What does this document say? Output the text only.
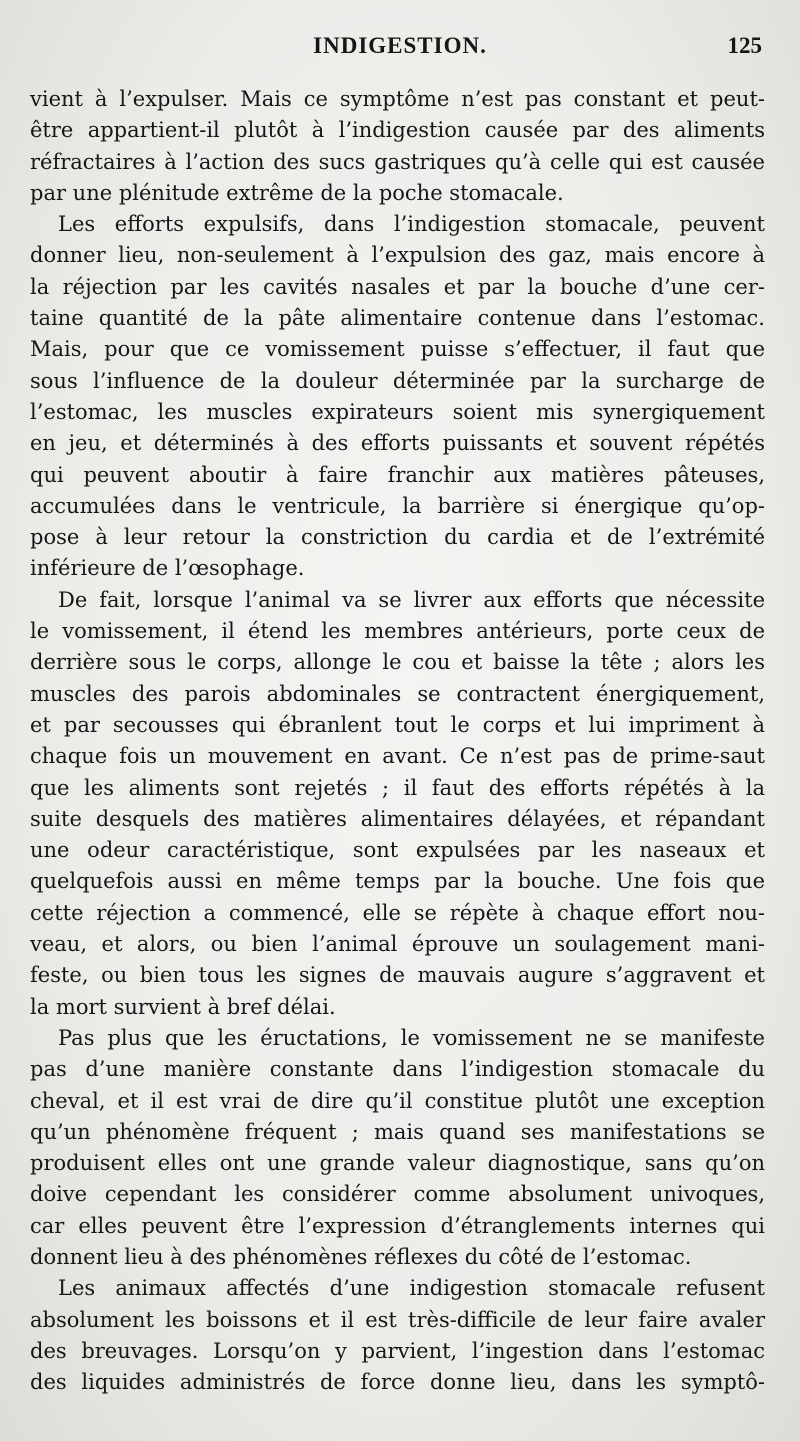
INDIGESTION.	125
vient à l’expulser. Mais ce symptôme n’est pas constant et peut-
être appartient-il plutôt à l’indigestion causée par des aliments
réfractaires à l’action des sucs gastriques qu’à celle qui est causée
par une plénitude extrême de la poche stomacale.
Les efforts expulsifs, dans l’indigestion stomacale, peuvent
donner lieu, non-seulement à l’expulsion des gaz, mais encore à
la réjection par les cavités nasales et par la bouche d’une cer-
taine quantité de la pâte alimentaire contenue dans l’estomac.
Mais, pour que ce vomissement puisse s’effectuer, il faut que
sous l’influence de la douleur déterminée par la surcharge de
l’estomac, les muscles expirateurs soient mis synergiquement
en jeu, et déterminés à des efforts puissants et souvent répétés
qui peuvent aboutir à faire franchir aux matières pâteuses,
accumulées dans le ventricule, la barrière si énergique qu’op-
pose à leur retour la constriction du cardia et de l’extrémité
inférieure de l’œsophage.
De fait, lorsque l’animal va se livrer aux efforts que nécessite
le vomissement, il étend les membres antérieurs, porte ceux de
derrière sous le corps, allonge le cou et baisse la tête ; alors les
muscles des parois abdominales se contractent énergiquement,
et par secousses qui ébranlent tout le corps et lui impriment à
chaque fois un mouvement en avant. Ce n’est pas de prime-saut
que les aliments sont rejetés ; il faut des efforts répétés à la
suite desquels des matières alimentaires délayées, et répandant
une odeur caractéristique, sont expulsées par les naseaux et
quelquefois aussi en même temps par la bouche. Une fois que
cette réjection a commencé, elle se répète à chaque effort nou-
veau, et alors, ou bien l’animal éprouve un soulagement mani-
feste, ou bien tous les signes de mauvais augure s’aggravent et
la mort survient à bref délai.
Pas plus que les éructations, le vomissement ne se manifeste
pas d’une manière constante dans l’indigestion stomacale du
cheval, et il est vrai de dire qu’il constitue plutôt une exception
qu’un phénomène fréquent ; mais quand ses manifestations se
produisent elles ont une grande valeur diagnostique, sans qu’on
doive cependant les considérer comme absolument univoques,
car elles peuvent être l’expression d’étranglements internes qui
donnent lieu à des phénomènes réflexes du côté de l’estomac.
Les animaux affectés d’une indigestion stomacale refusent
absolument les boissons et il est très-difficile de leur faire avaler
des breuvages. Lorsqu’on y parvient, l’ingestion dans l’estomac
des liquides administrés de force donne lieu, dans les symptô-
